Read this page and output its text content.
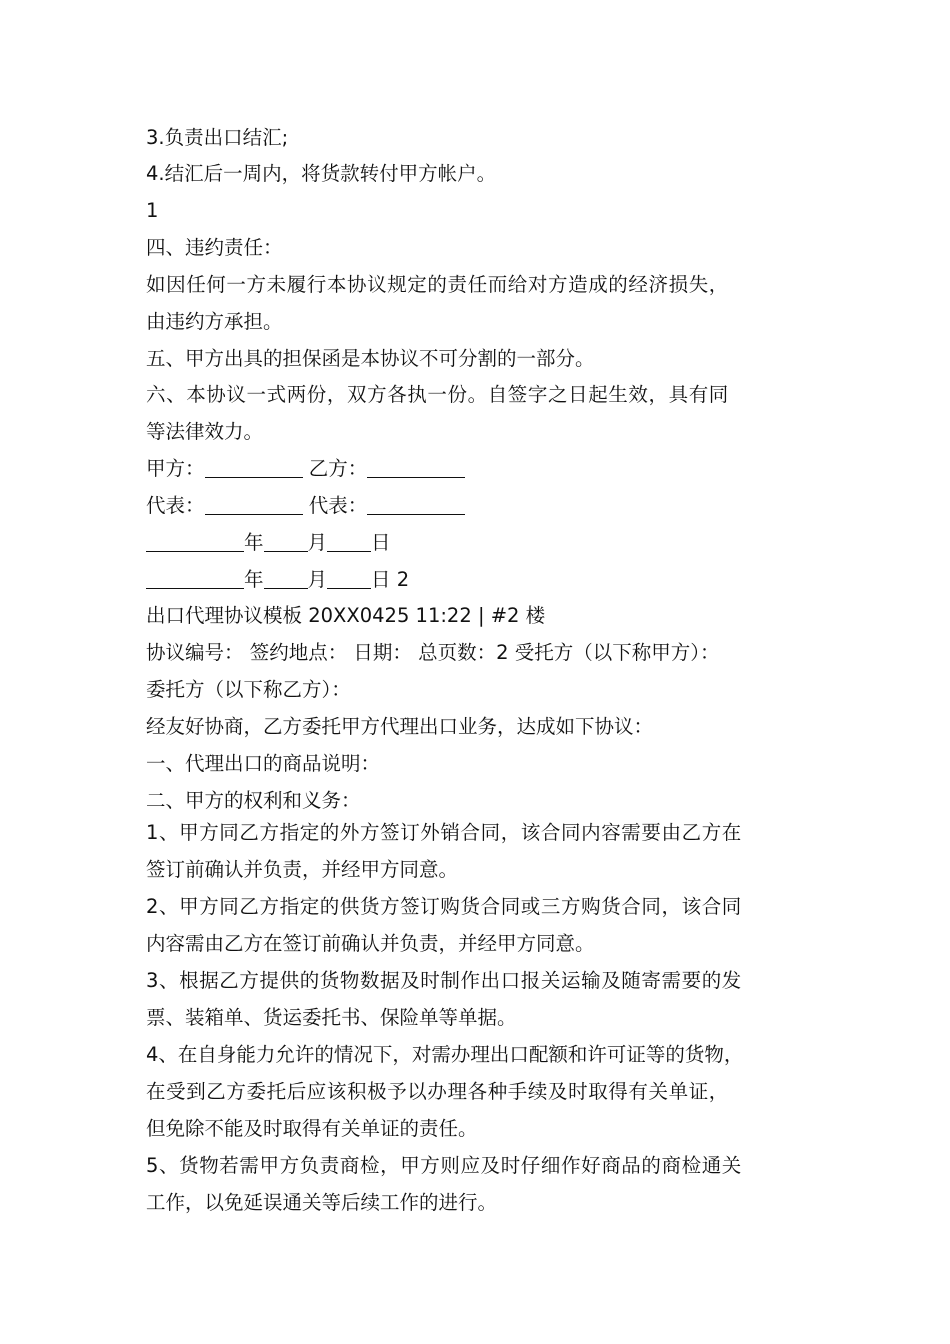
3.负责出口结汇;
4.结汇后一周内，将货款转付甲方帐户。
1
四、违约责任：
如因任何一方未履行本协议规定的责任而给对方造成的经济损失，
由违约方承担。
五、甲方出具的担保函是本协议不可分割的一部分。
六、本协议一式两份，双方各执一份。自签字之日起生效，具有同
等法律效力。
甲方：	乙方：
代表：	代表：
年 月 日
年 月 日 2
出口代理协议模板 20XX0425 11:22 | #2 楼
协议编号： 签约地点： 日期： 总页数：2 受托方（以下称甲方）：
委托方（以下称乙方）：
经友好协商，乙方委托甲方代理出口业务，达成如下协议：
一、代理出口的商品说明：
二、甲方的权利和义务：
1、甲方同乙方指定的外方签订外销合同，该合同内容需要由乙方在
签订前确认并负责，并经甲方同意。
2、甲方同乙方指定的供货方签订购货合同或三方购货合同，该合同
内容需由乙方在签订前确认并负责，并经甲方同意。
3、根据乙方提供的货物数据及时制作出口报关运输及随寄需要的发
票、装箱单、货运委托书、保险单等单据。
4、在自身能力允许的情况下，对需办理出口配额和许可证等的货物，
在受到乙方委托后应该积极予以办理各种手续及时取得有关单证，
但免除不能及时取得有关单证的责任。
5、货物若需甲方负责商检，甲方则应及时仔细作好商品的商检通关
工作，以免延误通关等后续工作的进行。
